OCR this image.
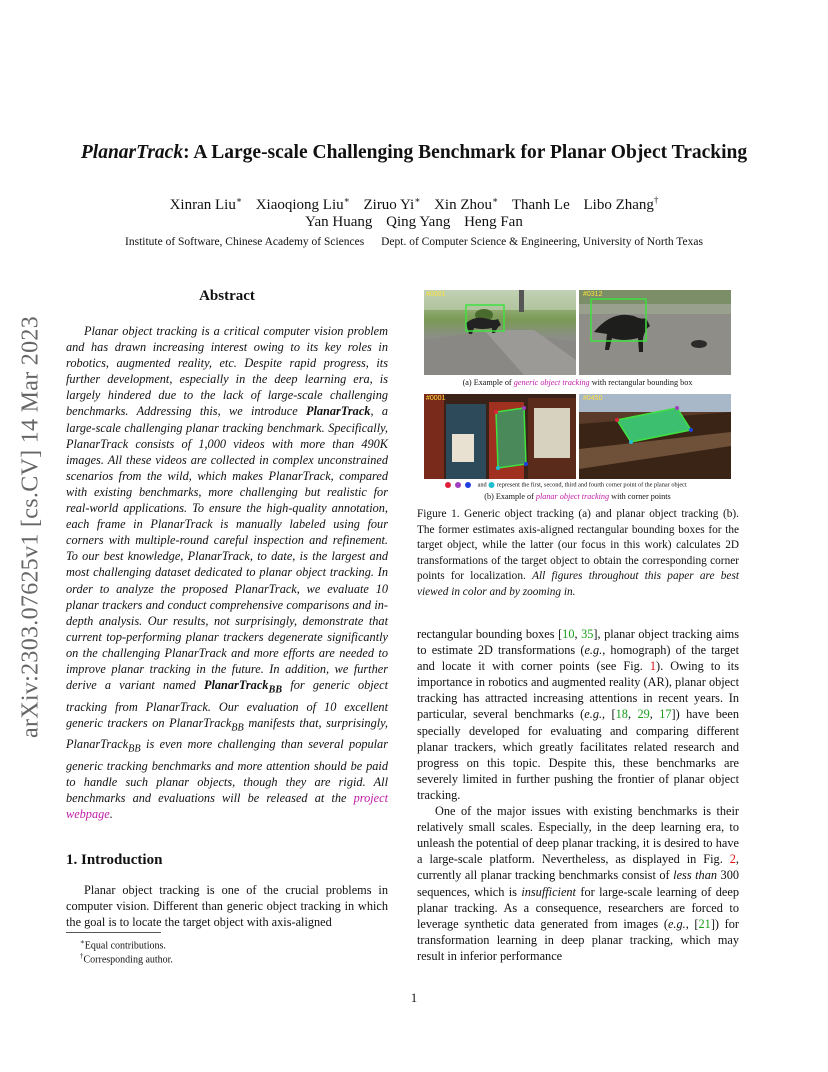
PlanarTrack: A Large-scale Challenging Benchmark for Planar Object Tracking
Xinran Liu∗ Xiaoqiong Liu∗ Ziruo Yi∗ Xin Zhou∗ Thanh Le Libo Zhang†
Yan Huang Qing Yang Heng Fan
Institute of Software, Chinese Academy of Sciences Dept. of Computer Science & Engineering, University of North Texas
arXiv:2303.07625v1 [cs.CV] 14 Mar 2023
Abstract
Planar object tracking is a critical computer vision problem and has drawn increasing interest owing to its key roles in robotics, augmented reality, etc. Despite rapid progress, its further development, especially in the deep learning era, is largely hindered due to the lack of large-scale challenging benchmarks. Addressing this, we introduce PlanarTrack, a large-scale challenging planar tracking benchmark. Specifically, PlanarTrack consists of 1,000 videos with more than 490K images. All these videos are collected in complex unconstrained scenarios from the wild, which makes PlanarTrack, compared with existing benchmarks, more challenging but realistic for real-world applications. To ensure the high-quality annotation, each frame in PlanarTrack is manually labeled using four corners with multiple-round careful inspection and refinement. To our best knowledge, PlanarTrack, to date, is the largest and most challenging dataset dedicated to planar object tracking. In order to analyze the proposed PlanarTrack, we evaluate 10 planar trackers and conduct comprehensive comparisons and in-depth analysis. Our results, not surprisingly, demonstrate that current top-performing planar trackers degenerate significantly on the challenging PlanarTrack and more efforts are needed to improve planar tracking in the future. In addition, we further derive a variant named PlanarTrack$_{BB}$ for generic object tracking from PlanarTrack. Our evaluation of 10 excellent generic trackers on PlanarTrack$_{BB}$ manifests that, surprisingly, PlanarTrack$_{BB}$ is even more challenging than several popular generic tracking benchmarks and more attention should be paid to handle such planar objects, though they are rigid. All benchmarks and evaluations will be released at the project webpage.
1. Introduction
Planar object tracking is one of the crucial problems in computer vision. Different than generic object tracking in which the goal is to locate the target object with axis-aligned
∗Equal contributions.
†Corresponding author.
#0001	#0312
(a) Example of generic object tracking with rectangular bounding box
#0001	#0450
and represent the first, second, third and fourth corner point of the planar object
(b) Example of planar object tracking with corner points
Figure 1. Generic object tracking (a) and planar object tracking (b). The former estimates axis-aligned rectangular bounding boxes for the target object, while the latter (our focus in this work) calculates 2D transformations of the target object to obtain the corresponding corner points for localization. All figures throughout this paper are best viewed in color and by zooming in.

rectangular bounding boxes [10, 35], planar object tracking aims to estimate 2D transformations (e.g., homograph) of the target and locate it with corner points (see Fig. 1). Owing to its importance in robotics and augmented reality (AR), planar object tracking has attracted increasing attentions in recent years. In particular, several benchmarks (e.g., [18, 29, 17]) have been specially developed for evaluating and comparing different planar trackers, which greatly facilitates related research and progress on this topic. Despite this, these benchmarks are severely limited in further pushing the frontier of planar object tracking.

One of the major issues with existing benchmarks is their relatively small scales. Especially, in the deep learning era, to unleash the potential of deep planar tracking, it is desired to have a large-scale platform. Nevertheless, as displayed in Fig. 2, currently all planar tracking benchmarks consist of less than 300 sequences, which is insufficient for large-scale learning of deep planar tracking. As a consequence, researchers are forced to leverage synthetic data generated from images (e.g., [21]) for transformation learning in deep planar tracking, which may result in inferior performance

1
